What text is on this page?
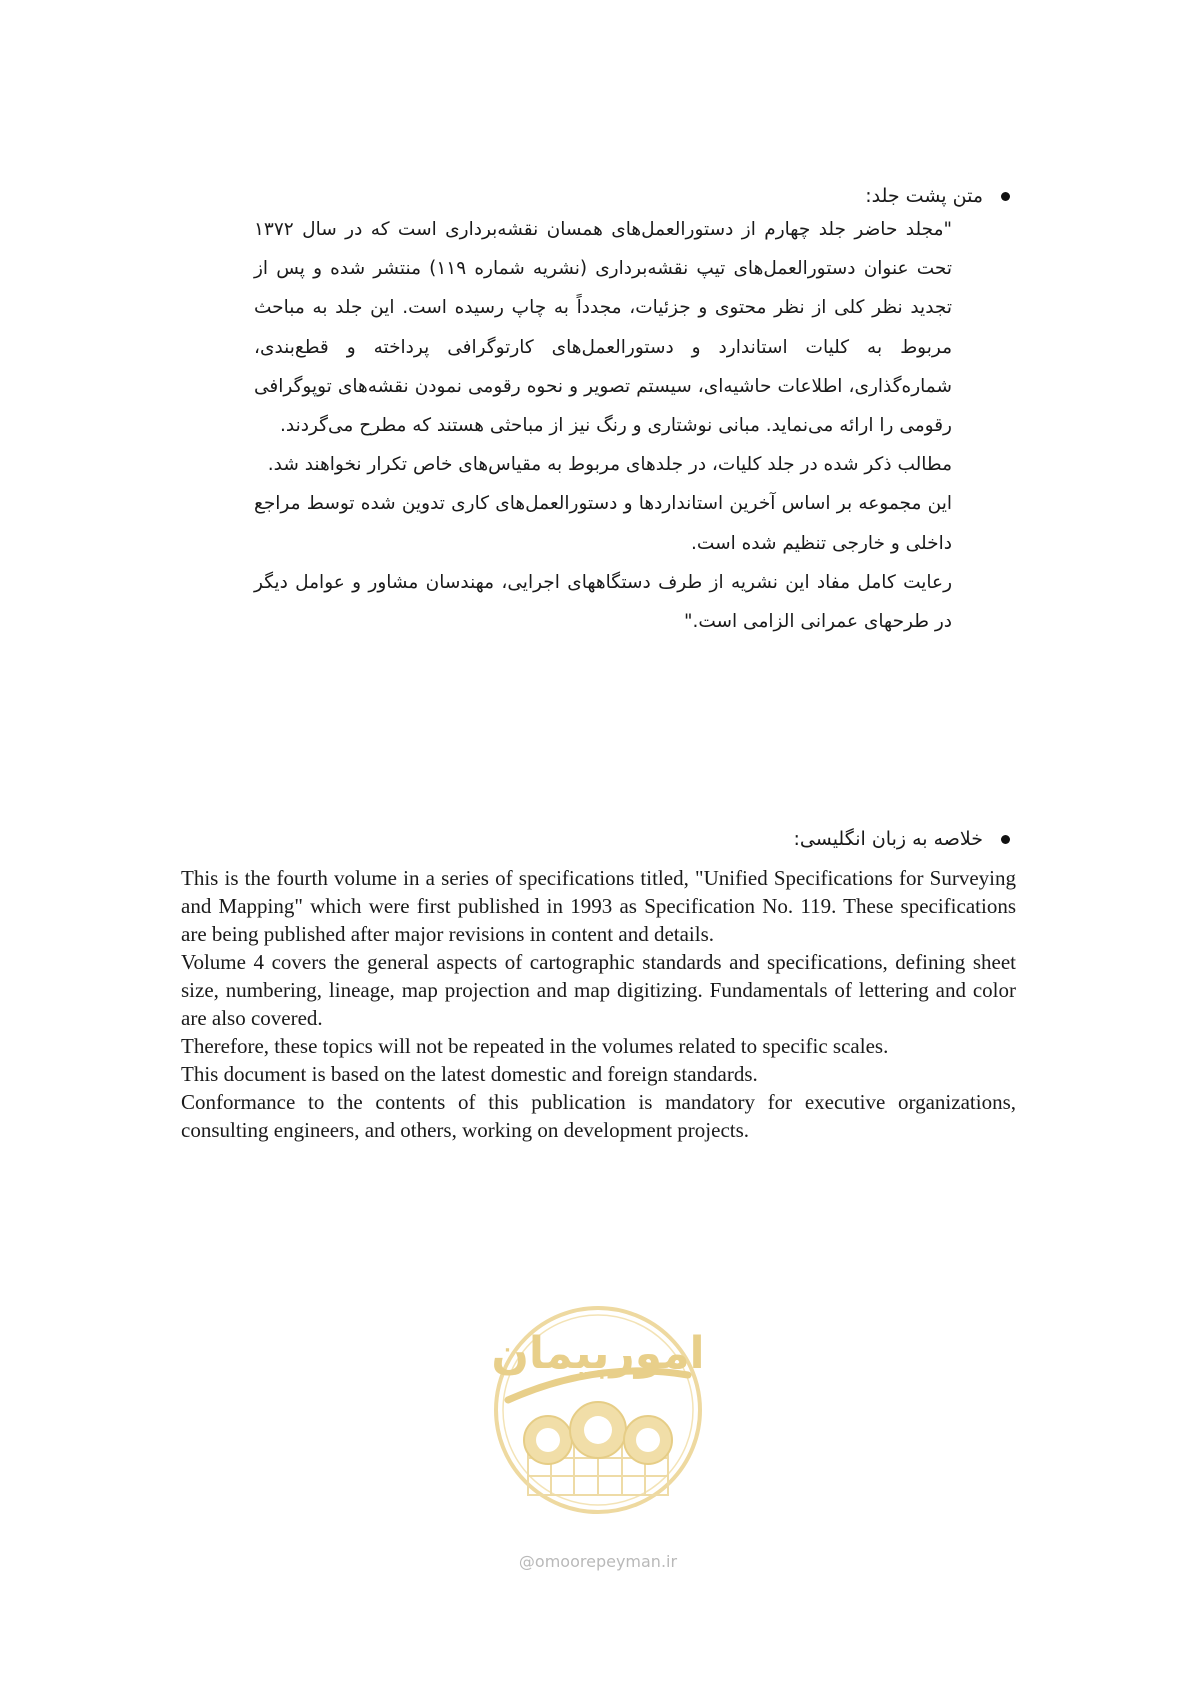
متن پشت جلد:

"مجلد حاضر جلد چهارم از دستورالعمل‌های همسان نقشه‌برداری است که در سال ۱۳۷۲ تحت عنوان دستورالعمل‌های تیپ نقشه‌برداری (نشریه شماره ۱۱۹) منتشر شده و پس از تجدید نظر کلی از نظر محتوی و جزئیات، مجدداً به چاپ رسیده است. این جلد به مباحث مربوط به کلیات استاندارد و دستورالعمل‌های کارتوگرافی پرداخته و قطع‌بندی، شماره‌گذاری، اطلاعات حاشیه‌ای، سیستم تصویر و نحوه رقومی نمودن نقشه‌های توپوگرافی رقومی را ارائه می‌نماید. مبانی نوشتاری و رنگ نیز از مباحثی هستند که مطرح می‌گردند.

مطالب ذکر شده در جلد کلیات، در جلدهای مربوط به مقیاس‌های خاص تکرار نخواهند شد.

این مجموعه بر اساس آخرین استانداردها و دستورالعمل‌های کاری تدوین شده توسط مراجع داخلی و خارجی تنظیم شده است.

رعایت کامل مفاد این نشریه از طرف دستگاههای اجرایی، مهندسان مشاور و عوامل دیگر در طرحهای عمرانی الزامی است."

خلاصه به زبان انگلیسی:

This is the fourth volume in a series of specifications titled, "Unified Specifications for Surveying and Mapping" which were first published in 1993 as Specification No. 119. These specifications are being published after major revisions in content and details.

Volume 4 covers the general aspects of cartographic standards and specifications, defining sheet size, numbering, lineage, map projection and map digitizing. Fundamentals of lettering and color are also covered.

Therefore, these topics will not be repeated in the volumes related to specific scales.

This document is based on the latest domestic and foreign standards.

Conformance to the contents of this publication is mandatory for executive organizations, consulting engineers, and others, working on development projects.

امورپیمان
@omoorepeyman.ir
